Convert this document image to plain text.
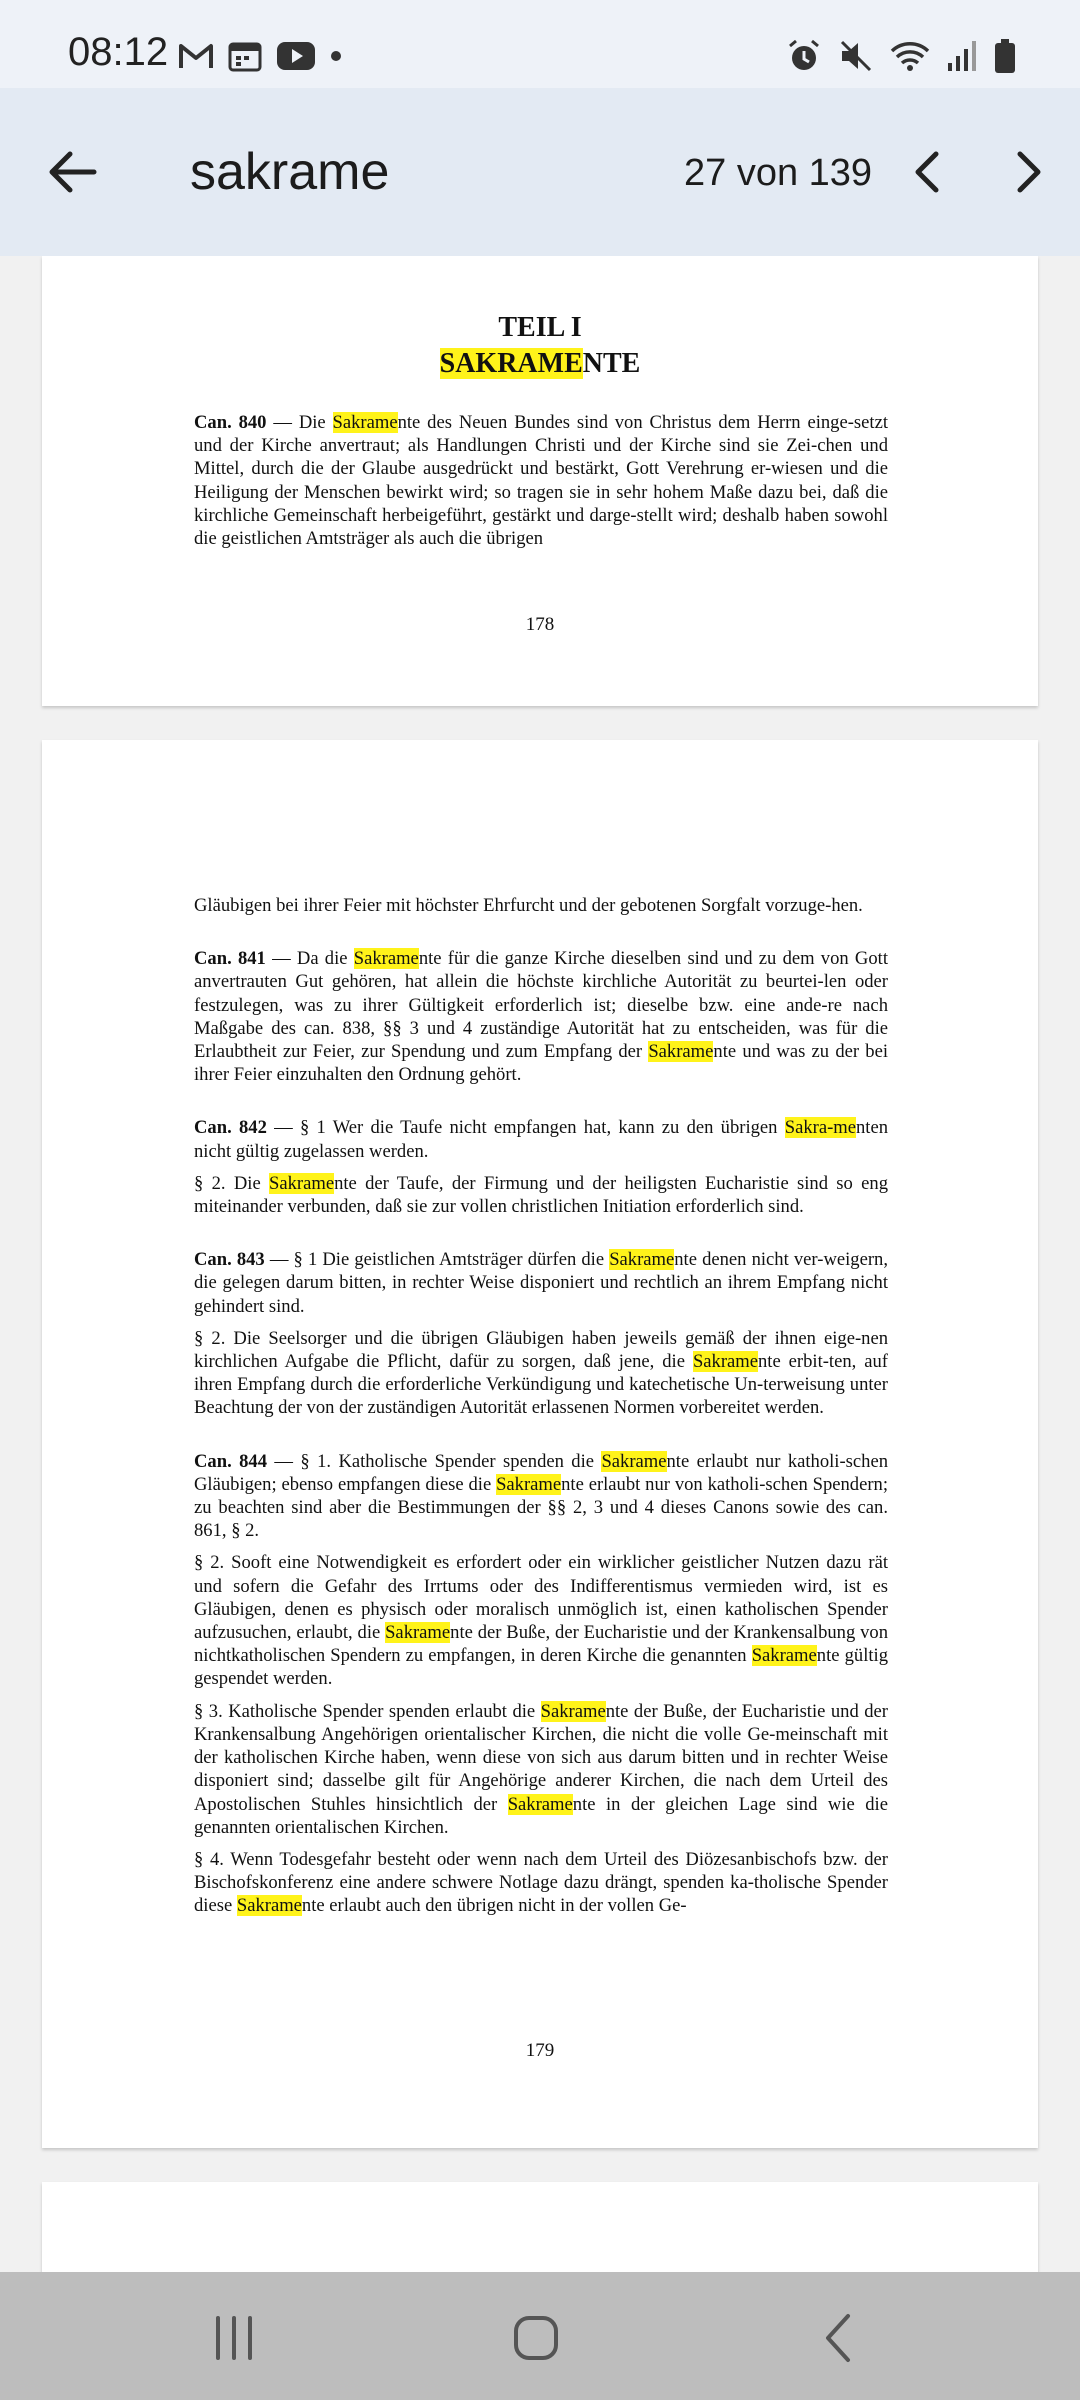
08:12
sakrame	27 von 139
TEIL I
SAKRAMENTE

Can. 840 — Die Sakramente des Neuen Bundes sind von Christus dem Herrn einge-setzt und der Kirche anvertraut; als Handlungen Christi und der Kirche sind sie Zei-chen und Mittel, durch die der Glaube ausgedrückt und bestärkt, Gott Verehrung er-wiesen und die Heiligung der Menschen bewirkt wird; so tragen sie in sehr hohem Maße dazu bei, daß die kirchliche Gemeinschaft herbeigeführt, gestärkt und darge-stellt wird; deshalb haben sowohl die geistlichen Amtsträger als auch die übrigen

178

Gläubigen bei ihrer Feier mit höchster Ehrfurcht und der gebotenen Sorgfalt vorzuge-hen.

Can. 841 — Da die Sakramente für die ganze Kirche dieselben sind und zu dem von Gott anvertrauten Gut gehören, hat allein die höchste kirchliche Autorität zu beurtei-len oder festzulegen, was zu ihrer Gültigkeit erforderlich ist; dieselbe bzw. eine ande-re nach Maßgabe des can. 838, §§ 3 und 4 zuständige Autorität hat zu entscheiden, was für die Erlaubtheit zur Feier, zur Spendung und zum Empfang der Sakramente und was zu der bei ihrer Feier einzuhalten den Ordnung gehört.

Can. 842 — § 1 Wer die Taufe nicht empfangen hat, kann zu den übrigen Sakra-menten nicht gültig zugelassen werden.

§ 2. Die Sakramente der Taufe, der Firmung und der heiligsten Eucharistie sind so eng miteinander verbunden, daß sie zur vollen christlichen Initiation erforderlich sind.

Can. 843 — § 1 Die geistlichen Amtsträger dürfen die Sakramente denen nicht ver-weigern, die gelegen darum bitten, in rechter Weise disponiert und rechtlich an ihrem Empfang nicht gehindert sind.

§ 2. Die Seelsorger und die übrigen Gläubigen haben jeweils gemäß der ihnen eige-nen kirchlichen Aufgabe die Pflicht, dafür zu sorgen, daß jene, die Sakramente erbit-ten, auf ihren Empfang durch die erforderliche Verkündigung und katechetische Un-terweisung unter Beachtung der von der zuständigen Autorität erlassenen Normen vorbereitet werden.

Can. 844 — § 1. Katholische Spender spenden die Sakramente erlaubt nur katholi-schen Gläubigen; ebenso empfangen diese die Sakramente erlaubt nur von katholi-schen Spendern; zu beachten sind aber die Bestimmungen der §§ 2, 3 und 4 dieses Canons sowie des can. 861, § 2.

§ 2. Sooft eine Notwendigkeit es erfordert oder ein wirklicher geistlicher Nutzen dazu rät und sofern die Gefahr des Irrtums oder des Indifferentismus vermieden wird, ist es Gläubigen, denen es physisch oder moralisch unmöglich ist, einen katholischen Spender aufzusuchen, erlaubt, die Sakramente der Buße, der Eucharistie und der Krankensalbung von nichtkatholischen Spendern zu empfangen, in deren Kirche die genannten Sakramente gültig gespendet werden.

§ 3. Katholische Spender spenden erlaubt die Sakramente der Buße, der Eucharistie und der Krankensalbung Angehörigen orientalischer Kirchen, die nicht die volle Ge-meinschaft mit der katholischen Kirche haben, wenn diese von sich aus darum bitten und in rechter Weise disponiert sind; dasselbe gilt für Angehörige anderer Kirchen, die nach dem Urteil des Apostolischen Stuhles hinsichtlich der Sakramente in der gleichen Lage sind wie die genannten orientalischen Kirchen.

§ 4. Wenn Todesgefahr besteht oder wenn nach dem Urteil des Diözesanbischofs bzw. der Bischofskonferenz eine andere schwere Notlage dazu drängt, spenden ka-tholische Spender diese Sakramente erlaubt auch den übrigen nicht in der vollen Ge-

179
